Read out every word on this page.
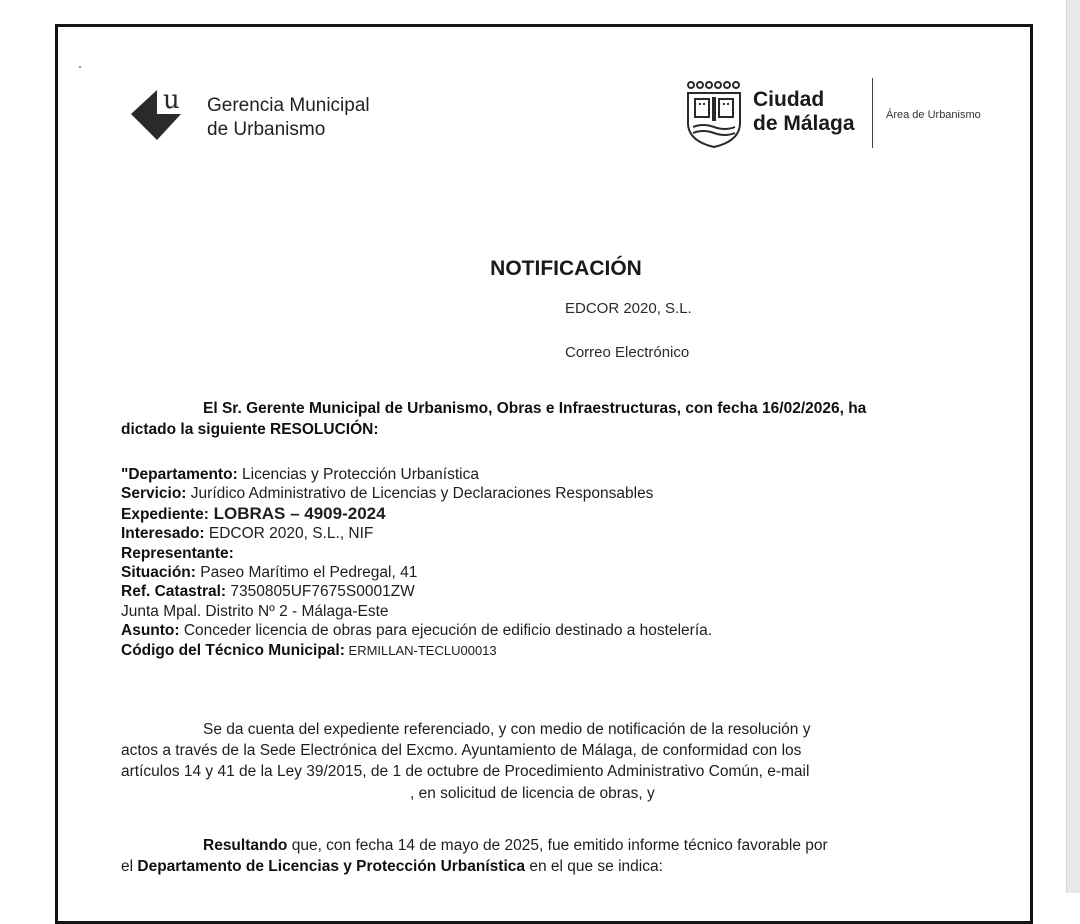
u Gerencia Municipal
de Urbanismo
Ciudad
de Málaga	Área de Urbanismo
NOTIFICACIÓN
EDCOR 2020, S.L.
Correo Electrónico
El Sr. Gerente Municipal de Urbanismo, Obras e Infraestructuras, con fecha 16/02/2026, ha
dictado la siguiente RESOLUCIÓN:
"Departamento: Licencias y Protección Urbanística
Servicio: Jurídico Administrativo de Licencias y Declaraciones Responsables
Expediente: LOBRAS – 4909-2024
Interesado: EDCOR 2020, S.L., NIF
Representante:
Situación: Paseo Marítimo el Pedregal, 41
Ref. Catastral: 7350805UF7675S0001ZW
Junta Mpal. Distrito Nº 2 - Málaga-Este
Asunto: Conceder licencia de obras para ejecución de edificio destinado a hostelería.
Código del Técnico Municipal: ERMILLAN-TECLU00013
Se da cuenta del expediente referenciado, y con medio de notificación de la resolución y
actos a través de la Sede Electrónica del Excmo. Ayuntamiento de Málaga, de conformidad con los
artículos 14 y 41 de la Ley 39/2015, de 1 de octubre de Procedimiento Administrativo Común, e-mail
, en solicitud de licencia de obras, y
Resultando que, con fecha 14 de mayo de 2025, fue emitido informe técnico favorable por
el Departamento de Licencias y Protección Urbanística en el que se indica:
